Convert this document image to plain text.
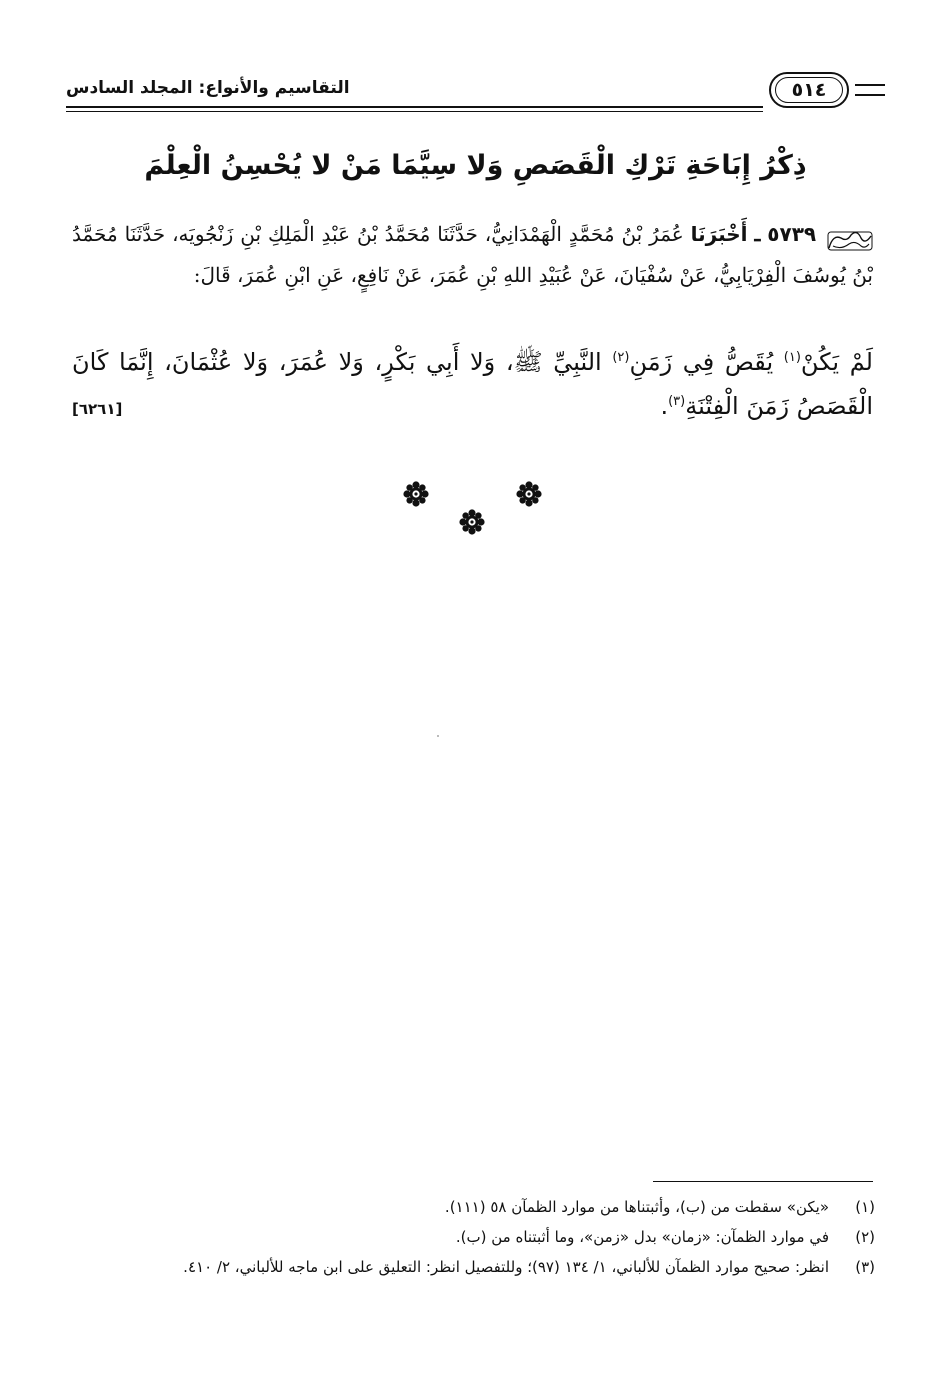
٥١٤
التقاسيم والأنواع: المجلد السادس
ذِكْرُ إِبَاحَةِ تَرْكِ الْقَصَصِ وَلا سِيَّمَا مَنْ لا يُحْسِنُ الْعِلْمَ
٥٧٣٩ ـ أَخْبَرَنَا عُمَرُ بْنُ مُحَمَّدٍ الْهَمْدَانِيُّ، حَدَّثَنَا مُحَمَّدُ بْنُ عَبْدِ الْمَلِكِ بْنِ زَنْجُويَه، حَدَّثَنَا مُحَمَّدُ بْنُ يُوسُفَ الْفِرْيَابِيُّ، عَنْ سُفْيَانَ، عَنْ عُبَيْدِ اللهِ بْنِ عُمَرَ، عَنْ نَافِعٍ، عَنِ ابْنِ عُمَرَ، قَالَ:
لَمْ يَكُنْ$^{(١)}$ يُقَصُّ فِي زَمَنِ$^{(٢)}$ النَّبِيِّ ﷺ، وَلا أَبِي بَكْرٍ، وَلا عُمَرَ، وَلا عُثْمَانَ، إِنَّمَا كَانَ الْقَصَصُ زَمَنَ الْفِتْنَةِ$^{(٣)}$.
[٦٢٦١]
(١)
«يكن» سقطت من (ب)، وأثبتناها من موارد الظمآن ٥٨ (١١١).
(٢)
في موارد الظمآن: «زمان» بدل «زمن»، وما أثبتناه من (ب).
(٣)
انظر: صحيح موارد الظمآن للألباني، ١/ ١٣٤ (٩٧)؛ وللتفصيل انظر: التعليق على ابن ماجه للألباني، ٢/ ٤١٠.
